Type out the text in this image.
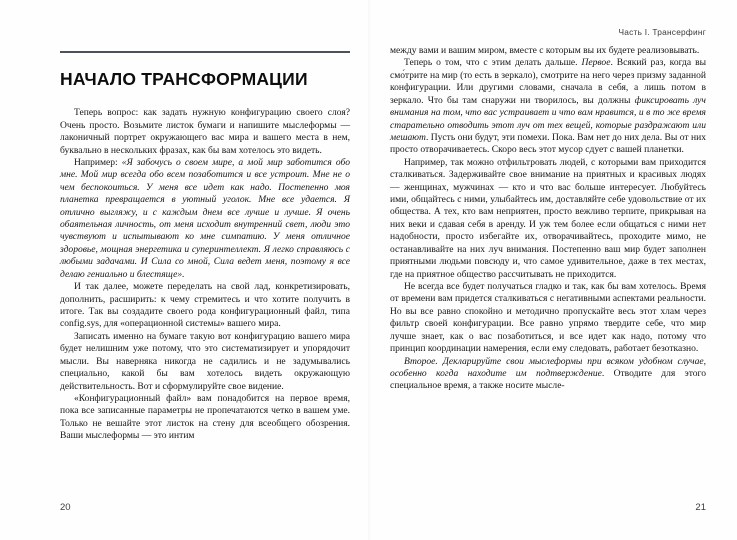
НАЧАЛО ТРАНСФОРМАЦИИ

Теперь вопрос: как задать нужную конфигурацию своего слоя? Очень просто. Возьмите листок бумаги и напишите мыслеформы — лаконичный портрет окружающего вас мира и вашего места в нем, буквально в нескольких фразах, как бы вам хотелось это видеть.

Например: «Я забочусь о своем мире, а мой мир заботится обо мне. Мой мир всегда обо всем позаботится и все устроит. Мне не о чем беспокоиться. У меня все идет как надо. Постепенно моя планетка превращается в уютный уголок. Мне все удается. Я отлично выгляжу, и с каждым днем все лучше и лучше. Я очень обаятельная личность, от меня исходит внутренний свет, люди это чувствуют и испытывают ко мне симпатию. У меня отличное здоровье, мощная энергетика и суперинтеллект. Я легко справляюсь с любыми задачами. И Сила со мной, Сила ведет меня, поэтому я все делаю гениально и блестяще».

И так далее, можете переделать на свой лад, конкретизировать, дополнить, расширить: к чему стремитесь и что хотите получить в итоге. Так вы создадите своего рода конфигурационный файл, типа config.sys, для «операционной системы» вашего мира.

Записать именно на бумаге такую вот конфигурацию вашего мира будет нелишним уже потому, что это систематизирует и упорядочит мысли. Вы наверняка никогда не садились и не задумывались специально, какой бы вам хотелось видеть окружающую действительность. Вот и сформулируйте свое видение.

«Конфигурационный файл» вам понадобится на первое время, пока все записанные параметры не пропечатаются четко в вашем уме. Только не вешайте этот листок на стену для всеобщего обозрения. Ваши мыслеформы — это интим

20
Часть I. Трансерфинг

между вами и вашим миром, вместе с которым вы их будете реализовывать.

Теперь о том, что с этим делать дальше. Первое. Всякий раз, когда вы смо́трите на мир (то есть в зеркало), смотрите на него через призму заданной конфигурации. Или другими словами, сначала в себя, а лишь потом в зеркало. Что бы там снаружи ни творилось, вы должны фиксировать луч внимания на том, что вас устраивает и что вам нравится, и в то же время старательно отводить этот луч от тех вещей, которые раздражают или мешают. Пусть они будут, эти помехи. Пока. Вам нет до них дела. Вы от них просто отворачиваетесь. Скоро весь этот мусор сдует с вашей планетки.

Например, так можно отфильтровать людей, с которыми вам приходится сталкиваться. Задерживайте свое внимание на приятных и красивых людях — женщинах, мужчинах — кто и что вас больше интересует. Любуйтесь ими, общайтесь с ними, улыбайтесь им, доставляйте себе удовольствие от их общества. А тех, кто вам неприятен, просто вежливо терпите, прикрывая на них веки и сдавая себя в аренду. И уж тем более если общаться с ними нет надобности, просто избегайте их, отворачивайтесь, проходите мимо, не останавливайте на них луч внимания. Постепенно ваш мир будет заполнен приятными людьми повсюду и, что самое удивительное, даже в тех местах, где на приятное общество рассчитывать не приходится.

Не всегда все будет получаться гладко и так, как бы вам хотелось. Время от времени вам придется сталкиваться с негативными аспектами реальности. Но вы все равно спокойно и методично пропускайте весь этот хлам через фильтр своей конфигурации. Все равно упрямо твердите себе, что мир лучше знает, как о вас позаботиться, и все идет как надо, потому что принцип координации намерения, если ему следовать, работает безотказно.

Второе. Декларируйте свои мыслеформы при всяком удобном случае, особенно когда находите им подтверждение. Отводите для этого специальное время, а также носите мысле-

21
